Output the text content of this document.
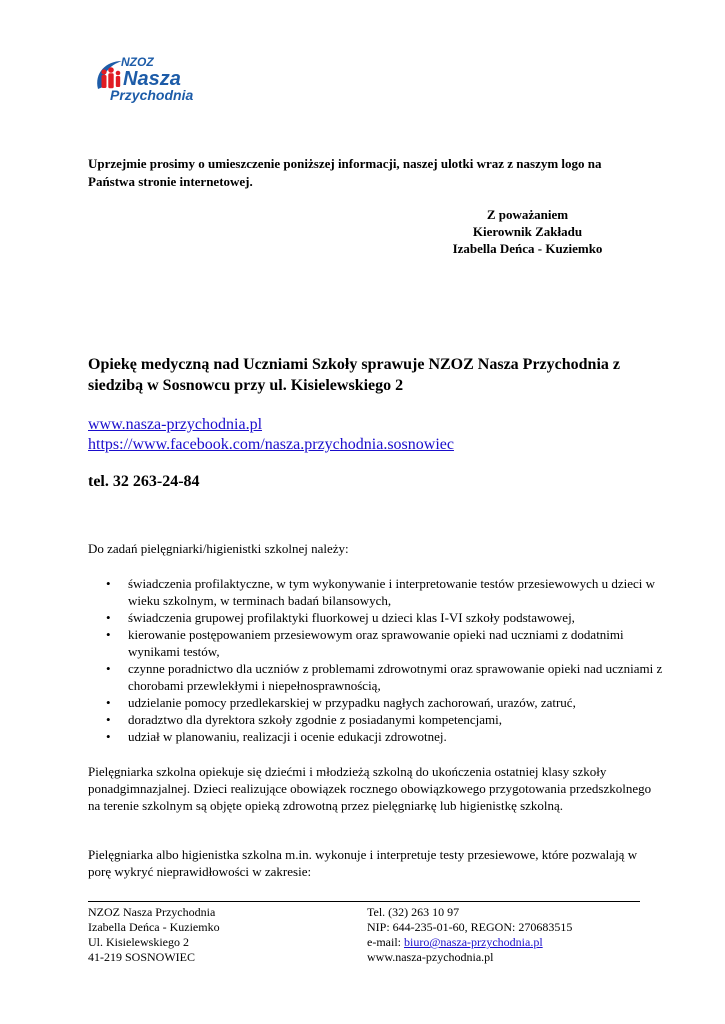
NZOZ
Nasza
Przychodnia
Uprzejmie prosimy o umieszczenie poniższej informacji, naszej ulotki wraz z naszym logo na Państwa stronie internetowej.
Z poważaniem
Kierownik Zakładu
Izabella Deńca - Kuziemko
Opiekę medyczną nad Uczniami Szkoły sprawuje NZOZ Nasza Przychodnia z siedzibą w Sosnowcu przy ul. Kisielewskiego 2
www.nasza-przychodnia.pl
https://www.facebook.com/nasza.przychodnia.sosnowiec
tel. 32 263-24-84
Do zadań pielęgniarki/higienistki szkolnej należy:
• świadczenia profilaktyczne, w tym wykonywanie i interpretowanie testów przesiewowych u dzieci w wieku szkolnym, w terminach badań bilansowych,
• świadczenia grupowej profilaktyki fluorkowej u dzieci klas I-VI szkoły podstawowej,
• kierowanie postępowaniem przesiewowym oraz sprawowanie opieki nad uczniami z dodatnimi wynikami testów,
• czynne poradnictwo dla uczniów z problemami zdrowotnymi oraz sprawowanie opieki nad uczniami z chorobami przewlekłymi i niepełnosprawnością,
• udzielanie pomocy przedlekarskiej w przypadku nagłych zachorowań, urazów, zatruć,
• doradztwo dla dyrektora szkoły zgodnie z posiadanymi kompetencjami,
• udział w planowaniu, realizacji i ocenie edukacji zdrowotnej.
Pielęgniarka szkolna opiekuje się dziećmi i młodzieżą szkolną do ukończenia ostatniej klasy szkoły ponadgimnazjalnej. Dzieci realizujące obowiązek rocznego obowiązkowego przygotowania przedszkolnego na terenie szkolnym są objęte opieką zdrowotną przez pielęgniarkę lub higienistkę szkolną.
Pielęgniarka albo higienistka szkolna m.in. wykonuje i interpretuje testy przesiewowe, które pozwalają w porę wykryć nieprawidłowości w zakresie:
NZOZ Nasza Przychodnia
Izabella Deńca - Kuziemko
Ul. Kisielewskiego 2
41-219 SOSNOWIEC
Tel. (32) 263 10 97
NIP: 644-235-01-60, REGON: 270683515
e-mail: biuro@nasza-przychodnia.pl
www.nasza-pzychodnia.pl
